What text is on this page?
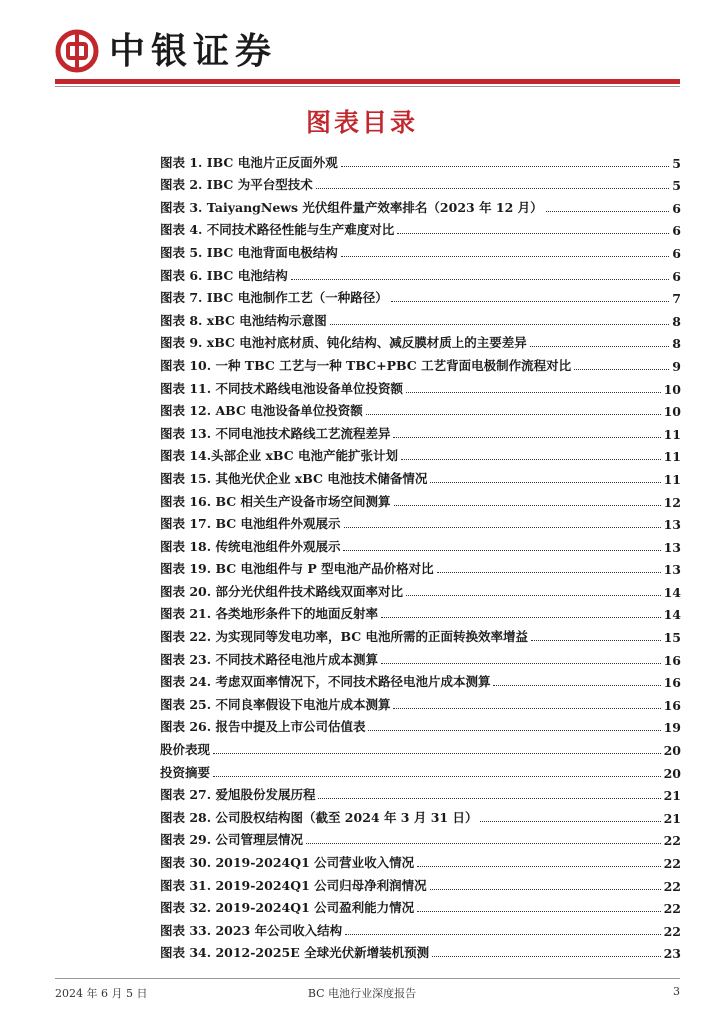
中银证券
图表目录
图表 1. IBC 电池片正反面外观	5
图表 2. IBC 为平台型技术	5
图表 3. TaiyangNews 光伏组件量产效率排名（2023 年 12 月）	6
图表 4. 不同技术路径性能与生产难度对比	6
图表 5. IBC 电池背面电极结构	6
图表 6. IBC 电池结构	6
图表 7. IBC 电池制作工艺（一种路径）	7
图表 8. xBC 电池结构示意图	8
图表 9. xBC 电池衬底材质、钝化结构、减反膜材质上的主要差异	8
图表 10. 一种 TBC 工艺与一种 TBC+PBC 工艺背面电极制作流程对比	9
图表 11. 不同技术路线电池设备单位投资额	10
图表 12. ABC 电池设备单位投资额	10
图表 13. 不同电池技术路线工艺流程差异	11
图表 14.头部企业 xBC 电池产能扩张计划	11
图表 15. 其他光伏企业 xBC 电池技术储备情况	11
图表 16. BC 相关生产设备市场空间测算	12
图表 17. BC 电池组件外观展示	13
图表 18. 传统电池组件外观展示	13
图表 19. BC 电池组件与 P 型电池产品价格对比	13
图表 20. 部分光伏组件技术路线双面率对比	14
图表 21. 各类地形条件下的地面反射率	14
图表 22. 为实现同等发电功率，BC 电池所需的正面转换效率增益	15
图表 23. 不同技术路径电池片成本测算	16
图表 24. 考虑双面率情况下，不同技术路径电池片成本测算	16
图表 25. 不同良率假设下电池片成本测算	16
图表 26. 报告中提及上市公司估值表	19
股价表现	20
投资摘要	20
图表 27. 爱旭股份发展历程	21
图表 28. 公司股权结构图（截至 2024 年 3 月 31 日）	21
图表 29. 公司管理层情况	22
图表 30. 2019-2024Q1 公司营业收入情况	22
图表 31. 2019-2024Q1 公司归母净利润情况	22
图表 32. 2019-2024Q1 公司盈利能力情况	22
图表 33. 2023 年公司收入结构	22
图表 34. 2012-2025E 全球光伏新增装机预测	23
2024 年 6 月 5 日	BC 电池行业深度报告	3
